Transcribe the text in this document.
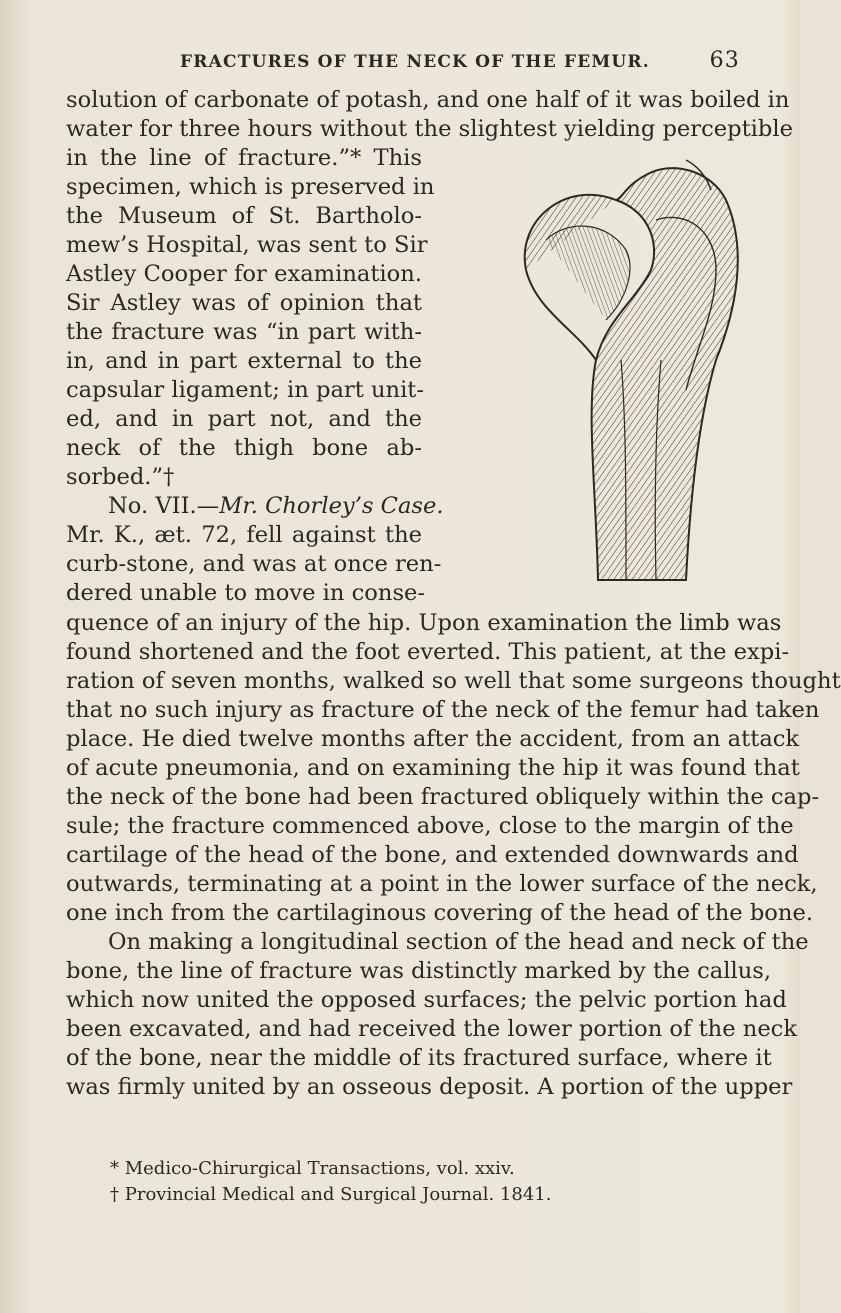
FRACTURES OF THE NECK OF THE FEMUR.	63
solution of carbonate of potash, and one half of it was boiled in
water for three hours without the slightest yielding perceptible
in the line of fracture.”* This
specimen, which is preserved in
the Museum of St. Bartholo-
mew’s Hospital, was sent to Sir
Astley Cooper for examination.
Sir Astley was of opinion that
the fracture was “in part with-
in, and in part external to the
capsular ligament; in part unit-
ed, and in part not, and the
neck of the thigh bone ab-
sorbed.”†
No. VII.—Mr. Chorley’s Case.
Mr. K., æt. 72, fell against the
curb-stone, and was at once ren-
dered unable to move in conse-
quence of an injury of the hip. Upon examination the limb was
found shortened and the foot everted. This patient, at the expi-
ration of seven months, walked so well that some surgeons thought
that no such injury as fracture of the neck of the femur had taken
place. He died twelve months after the accident, from an attack
of acute pneumonia, and on examining the hip it was found that
the neck of the bone had been fractured obliquely within the cap-
sule; the fracture commenced above, close to the margin of the
cartilage of the head of the bone, and extended downwards and
outwards, terminating at a point in the lower surface of the neck,
one inch from the cartilaginous covering of the head of the bone.
On making a longitudinal section of the head and neck of the
bone, the line of fracture was distinctly marked by the callus,
which now united the opposed surfaces; the pelvic portion had
been excavated, and had received the lower portion of the neck
of the bone, near the middle of its fractured surface, where it
was firmly united by an osseous deposit. A portion of the upper
* Medico-Chirurgical Transactions, vol. xxiv.
† Provincial Medical and Surgical Journal. 1841.
